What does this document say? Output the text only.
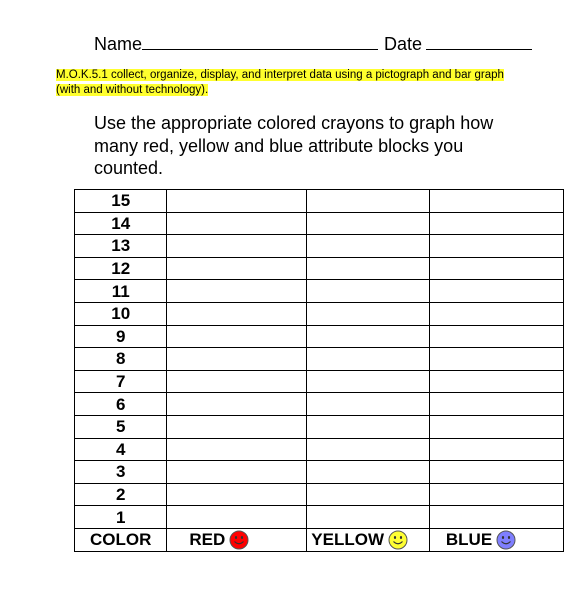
Name	Date
M.O.K.5.1 collect, organize, display, and interpret data using a pictograph and bar graph (with and without technology).
Use the appropriate colored crayons to graph how many red, yellow and blue attribute blocks you counted.
15			
14			
13			
12			
11			
10			
9			
8			
7			
6			
5			
4			
3			
2			
1			
COLOR	RED	YELLOW	BLUE
